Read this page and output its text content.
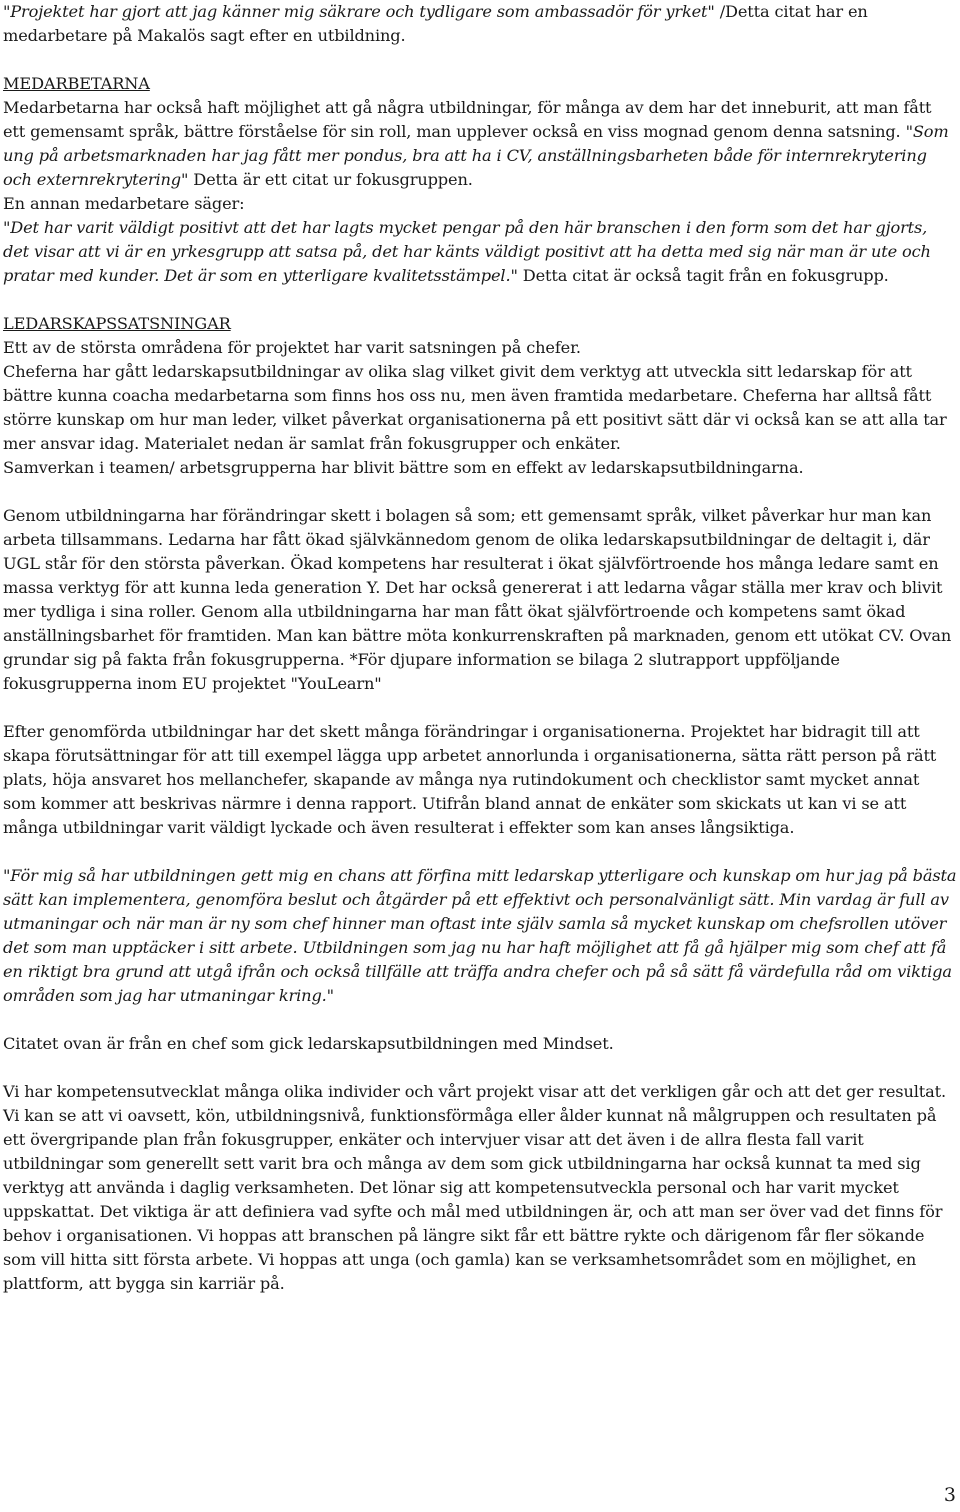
"Projektet har gjort att jag känner mig säkrare och tydligare som ambassadör för yrket" /Detta citat har en medarbetare på Makalös sagt efter en utbildning.

MEDARBETARNA

Medarbetarna har också haft möjlighet att gå några utbildningar, för många av dem har det inneburit, att man fått ett gemensamt språk, bättre förståelse för sin roll, man upplever också en viss mognad genom denna satsning. "Som ung på arbetsmarknaden har jag fått mer pondus, bra att ha i CV, anställningsbarheten både för internrekrytering och externrekrytering" Detta är ett citat ur fokusgruppen.

En annan medarbetare säger:

"Det har varit väldigt positivt att det har lagts mycket pengar på den här branschen i den form som det har gjorts, det visar att vi är en yrkesgrupp att satsa på, det har känts väldigt positivt att ha detta med sig när man är ute och pratar med kunder. Det är som en ytterligare kvalitetsstämpel." Detta citat är också tagit från en fokusgrupp.

LEDARSKAPSSATSNINGAR

Ett av de största områdena för projektet har varit satsningen på chefer.

Cheferna har gått ledarskapsutbildningar av olika slag vilket givit dem verktyg att utveckla sitt ledarskap för att bättre kunna coacha medarbetarna som finns hos oss nu, men även framtida medarbetare. Cheferna har alltså fått större kunskap om hur man leder, vilket påverkat organisationerna på ett positivt sätt där vi också kan se att alla tar mer ansvar idag. Materialet nedan är samlat från fokusgrupper och enkäter.

Samverkan i teamen/ arbetsgrupperna har blivit bättre som en effekt av ledarskapsutbildningarna.

Genom utbildningarna har förändringar skett i bolagen så som; ett gemensamt språk, vilket påverkar hur man kan arbeta tillsammans. Ledarna har fått ökad självkännedom genom de olika ledarskapsutbildningar de deltagit i, där UGL står för den största påverkan. Ökad kompetens har resulterat i ökat självförtroende hos många ledare samt en massa verktyg för att kunna leda generation Y. Det har också genererat i att ledarna vågar ställa mer krav och blivit mer tydliga i sina roller. Genom alla utbildningarna har man fått ökat självförtroende och kompetens samt ökad anställningsbarhet för framtiden. Man kan bättre möta konkurrenskraften på marknaden, genom ett utökat CV. Ovan grundar sig på fakta från fokusgrupperna. *För djupare information se bilaga 2 slutrapport uppföljande fokusgrupperna inom EU projektet "YouLearn"

Efter genomförda utbildningar har det skett många förändringar i organisationerna. Projektet har bidragit till att skapa förutsättningar för att till exempel lägga upp arbetet annorlunda i organisationerna, sätta rätt person på rätt plats, höja ansvaret hos mellanchefer, skapande av många nya rutindokument och checklistor samt mycket annat som kommer att beskrivas närmre i denna rapport. Utifrån bland annat de enkäter som skickats ut kan vi se att många utbildningar varit väldigt lyckade och även resulterat i effekter som kan anses långsiktiga.

"För mig så har utbildningen gett mig en chans att förfina mitt ledarskap ytterligare och kunskap om hur jag på bästa sätt kan implementera, genomföra beslut och åtgärder på ett effektivt och personalvänligt sätt. Min vardag är full av utmaningar och när man är ny som chef hinner man oftast inte själv samla så mycket kunskap om chefsrollen utöver det som man upptäcker i sitt arbete. Utbildningen som jag nu har haft möjlighet att få gå hjälper mig som chef att få en riktigt bra grund att utgå ifrån och också tillfälle att träffa andra chefer och på så sätt få värdefulla råd om viktiga områden som jag har utmaningar kring."

Citatet ovan är från en chef som gick ledarskapsutbildningen med Mindset.

Vi har kompetensutvecklat många olika individer och vårt projekt visar att det verkligen går och att det ger resultat. Vi kan se att vi oavsett, kön, utbildningsnivå, funktionsförmåga eller ålder kunnat nå målgruppen och resultaten på ett övergripande plan från fokusgrupper, enkäter och intervjuer visar att det även i de allra flesta fall varit utbildningar som generellt sett varit bra och många av dem som gick utbildningarna har också kunnat ta med sig verktyg att använda i daglig verksamheten. Det lönar sig att kompetensutveckla personal och har varit mycket uppskattat. Det viktiga är att definiera vad syfte och mål med utbildningen är, och att man ser över vad det finns för behov i organisationen. Vi hoppas att branschen på längre sikt får ett bättre rykte och därigenom får fler sökande som vill hitta sitt första arbete. Vi hoppas att unga (och gamla) kan se verksamhetsområdet som en möjlighet, en plattform, att bygga sin karriär på.

3
